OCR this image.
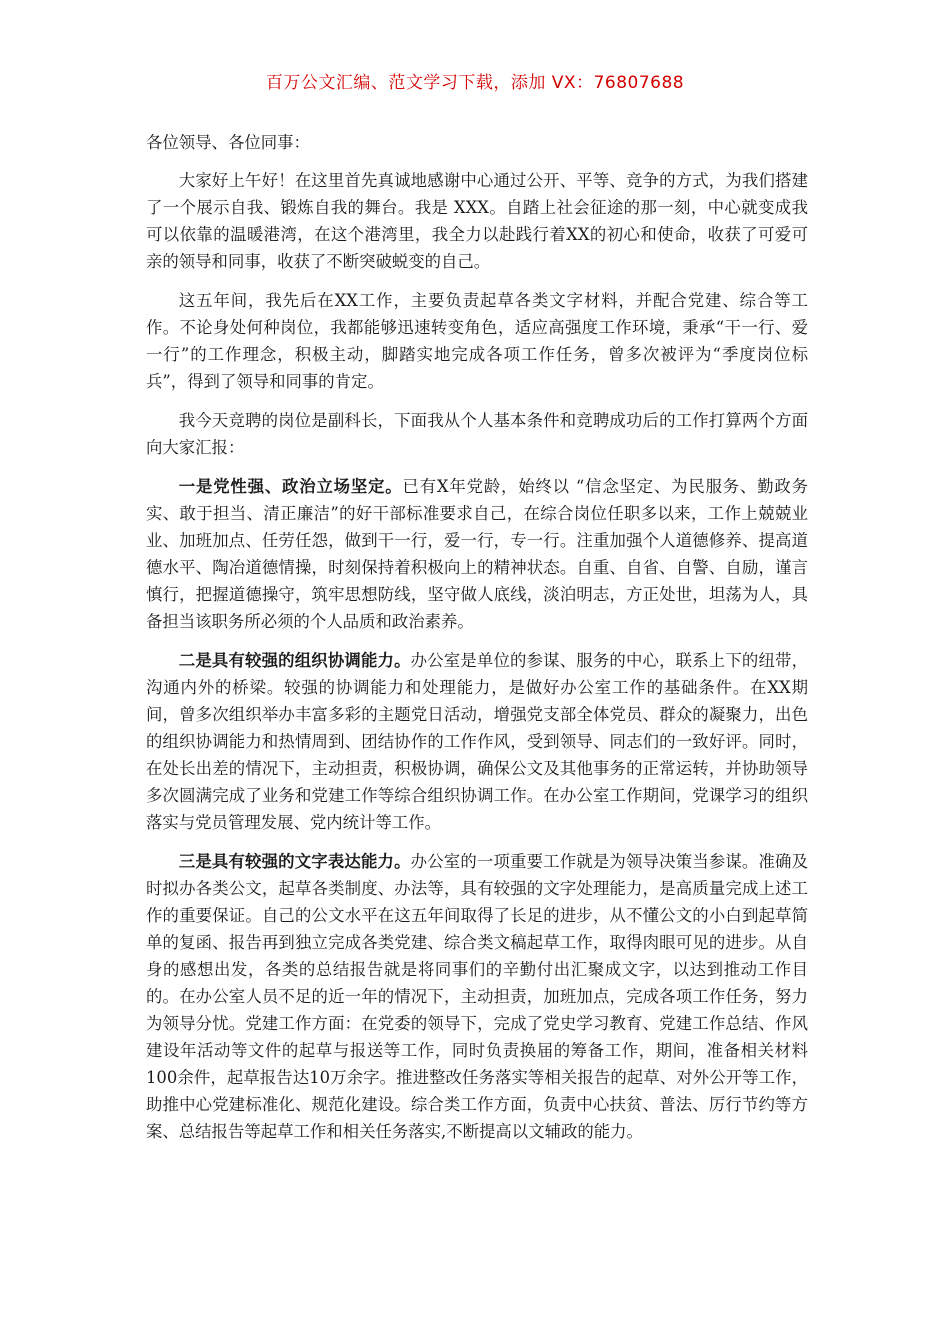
百万公文汇编、范文学习下载，添加 VX：76807688

各位领导、各位同事：

大家好上午好！在这里首先真诚地感谢中心通过公开、平等、竞争的方式，为我们搭建了一个展示自我、锻炼自我的舞台。我是 XXX。自踏上社会征途的那一刻，中心就变成我可以依靠的温暖港湾，在这个港湾里，我全力以赴践行着XX的初心和使命，收获了可爱可亲的领导和同事，收获了不断突破蜕变的自己。

这五年间，我先后在XX工作，主要负责起草各类文字材料，并配合党建、综合等工作。不论身处何种岗位，我都能够迅速转变角色，适应高强度工作环境，秉承“干一行、爱一行”的工作理念，积极主动，脚踏实地完成各项工作任务，曾多次被评为“季度岗位标兵”，得到了领导和同事的肯定。

我今天竞聘的岗位是副科长，下面我从个人基本条件和竞聘成功后的工作打算两个方面向大家汇报：

一是党性强、政治立场坚定。已有X年党龄，始终以 “信念坚定、为民服务、勤政务实、敢于担当、清正廉洁”的好干部标准要求自己，在综合岗位任职多以来，工作上兢兢业业、加班加点、任劳任怨，做到干一行，爱一行，专一行。注重加强个人道德修养、提高道德水平、陶冶道德情操，时刻保持着积极向上的精神状态。自重、自省、自警、自励，谨言慎行，把握道德操守，筑牢思想防线，坚守做人底线，淡泊明志，方正处世，坦荡为人，具备担当该职务所必须的个人品质和政治素养。

二是具有较强的组织协调能力。办公室是单位的参谋、服务的中心，联系上下的纽带，沟通内外的桥梁。较强的协调能力和处理能力，是做好办公室工作的基础条件。在XX期间，曾多次组织举办丰富多彩的主题党日活动，增强党支部全体党员、群众的凝聚力，出色的组织协调能力和热情周到、团结协作的工作作风，受到领导、同志们的一致好评。同时，在处长出差的情况下，主动担责，积极协调，确保公文及其他事务的正常运转，并协助领导多次圆满完成了业务和党建工作等综合组织协调工作。在办公室工作期间，党课学习的组织落实与党员管理发展、党内统计等工作。

三是具有较强的文字表达能力。办公室的一项重要工作就是为领导决策当参谋。准确及时拟办各类公文，起草各类制度、办法等，具有较强的文字处理能力，是高质量完成上述工作的重要保证。自己的公文水平在这五年间取得了长足的进步，从不懂公文的小白到起草简单的复函、报告再到独立完成各类党建、综合类文稿起草工作，取得肉眼可见的进步。从自身的感想出发，各类的总结报告就是将同事们的辛勤付出汇聚成文字，以达到推动工作目的。在办公室人员不足的近一年的情况下，主动担责，加班加点，完成各项工作任务，努力为领导分忧。党建工作方面：在党委的领导下，完成了党史学习教育、党建工作总结、作风建设年活动等文件的起草与报送等工作，同时负责换届的筹备工作，期间，准备相关材料100余件，起草报告达10万余字。推进整改任务落实等相关报告的起草、对外公开等工作，助推中心党建标准化、规范化建设。综合类工作方面，负责中心扶贫、普法、厉行节约等方案、总结报告等起草工作和相关任务落实,不断提高以文辅政的能力。
